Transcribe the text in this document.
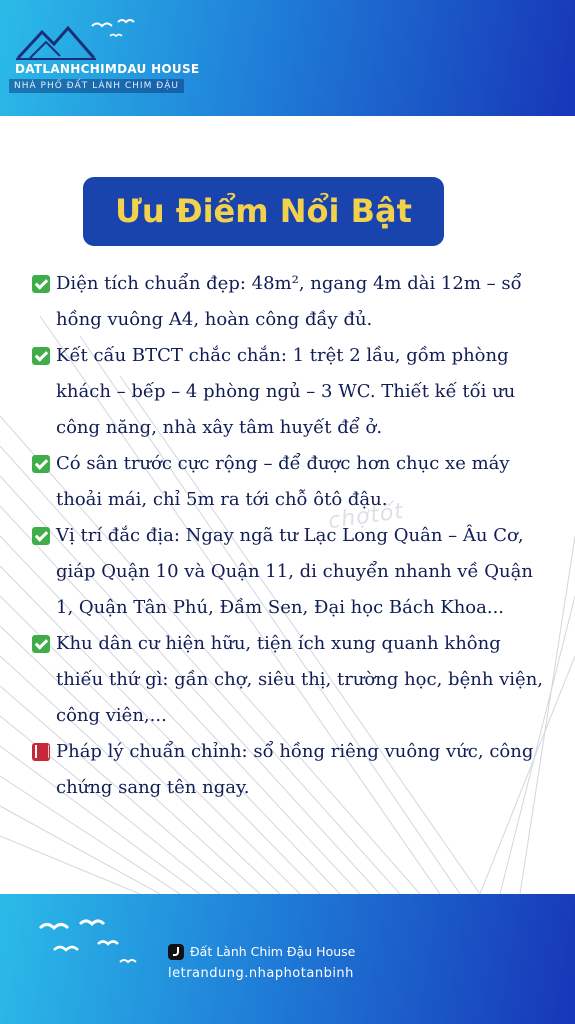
DATLANHCHIMDAU HOUSE
NHÀ PHỐ ĐẤT LÀNH CHIM ĐẬU
Ưu Điểm Nổi Bật
chợtốt
Diện tích chuẩn đẹp: 48m², ngang 4m dài 12m – sổ hồng vuông A4, hoàn công đầy đủ.
Kết cấu BTCT chắc chắn: 1 trệt 2 lầu, gồm phòng khách – bếp – 4 phòng ngủ – 3 WC. Thiết kế tối ưu công năng, nhà xây tâm huyết để ở.
Có sân trước cực rộng – để được hơn chục xe máy thoải mái, chỉ 5m ra tới chỗ ôtô đậu.
Vị trí đắc địa: Ngay ngã tư Lạc Long Quân – Âu Cơ, giáp Quận 10 và Quận 11, di chuyển nhanh về Quận 1, Quận Tân Phú, Đầm Sen, Đại học Bách Khoa...
Khu dân cư hiện hữu, tiện ích xung quanh không thiếu thứ gì: gần chợ, siêu thị, trường học, bệnh viện, công viên,...
Pháp lý chuẩn chỉnh: sổ hồng riêng vuông vức, công chứng sang tên ngay.
Đất Lành Chim Đậu House
letrandung.nhaphotanbinh
